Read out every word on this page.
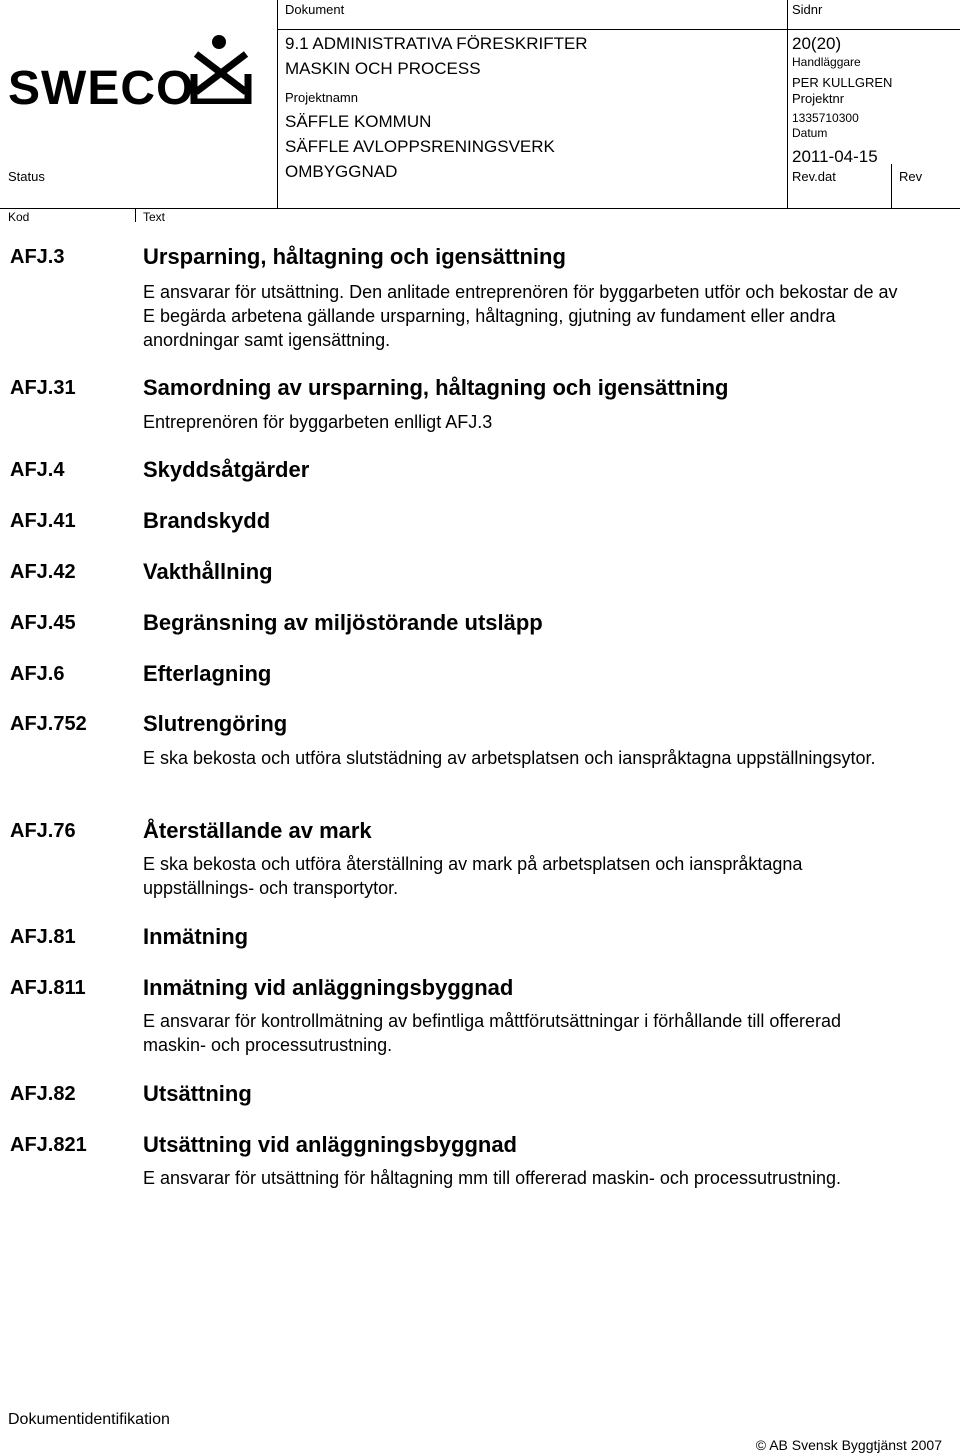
SWECO
Status
Dokument
9.1 ADMINISTRATIVA FÖRESKRIFTER
MASKIN OCH PROCESS
Projektnamn
SÄFFLE KOMMUN
SÄFFLE AVLOPPSRENINGSVERK
OMBYGGNAD
Sidnr
20(20)
Handläggare
PER KULLGREN
Projektnr
1335710300
Datum
2011-04-15
Rev.dat	Rev
Kod	Text
AFJ.3	Ursparning, håltagning och igensättning
E ansvarar för utsättning. Den anlitade entreprenören för byggarbeten utför och bekostar de av E begärda arbetena gällande ursparning, håltagning, gjutning av fundament eller andra anordningar samt igensättning.
AFJ.31	Samordning av ursparning, håltagning och igensättning
Entreprenören för byggarbeten enlligt AFJ.3
AFJ.4	Skyddsåtgärder
AFJ.41	Brandskydd
AFJ.42	Vakthållning
AFJ.45	Begränsning av miljöstörande utsläpp
AFJ.6	Efterlagning
AFJ.752	Slutrengöring
E ska bekosta och utföra slutstädning av arbetsplatsen och ianspråktagna uppställningsytor.
AFJ.76	Återställande av mark
E ska bekosta och utföra återställning av mark på arbetsplatsen och ianspråktagna uppställnings- och transportytor.
AFJ.81	Inmätning
AFJ.811	Inmätning vid anläggningsbyggnad
E ansvarar för kontrollmätning av befintliga måttförutsättningar i förhållande till offererad maskin- och processutrustning.
AFJ.82	Utsättning
AFJ.821	Utsättning vid anläggningsbyggnad
E ansvarar för utsättning för håltagning mm till offererad maskin- och processutrustning.
Dokumentidentifikation
© AB Svensk Byggtjänst 2007
